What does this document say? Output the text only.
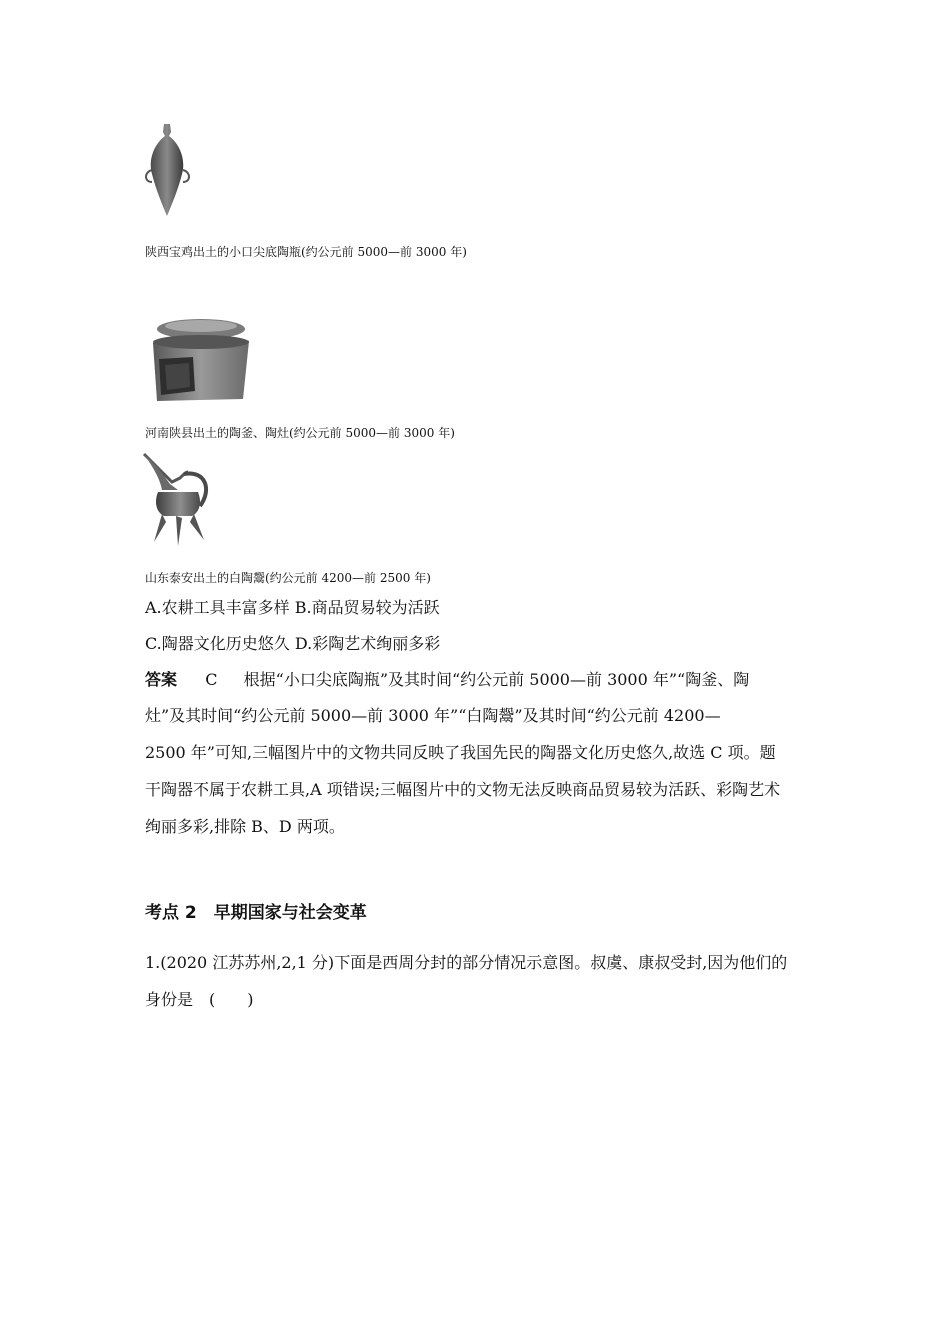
陕西宝鸡出土的小口尖底陶瓶(约公元前 5000—前 3000 年)
河南陕县出土的陶釜、陶灶(约公元前 5000—前 3000 年)
山东泰安出土的白陶鬶(约公元前 4200—前 2500 年)
A.农耕工具丰富多样 B.商品贸易较为活跃
C.陶器文化历史悠久 D.彩陶艺术绚丽多彩
答案 C 根据“小口尖底陶瓶”及其时间“约公元前 5000—前 3000 年”“陶釜、陶
灶”及其时间“约公元前 5000—前 3000 年”“白陶鬶”及其时间“约公元前 4200—
2500 年”可知,三幅图片中的文物共同反映了我国先民的陶器文化历史悠久,故选 C 项。题
干陶器不属于农耕工具,A 项错误;三幅图片中的文物无法反映商品贸易较为活跃、彩陶艺术
绚丽多彩,排除 B、D 两项。
考点 2　早期国家与社会变革
1.(2020 江苏苏州,2,1 分)下面是西周分封的部分情况示意图。叔虞、康叔受封,因为他们的
身份是　(　　)
